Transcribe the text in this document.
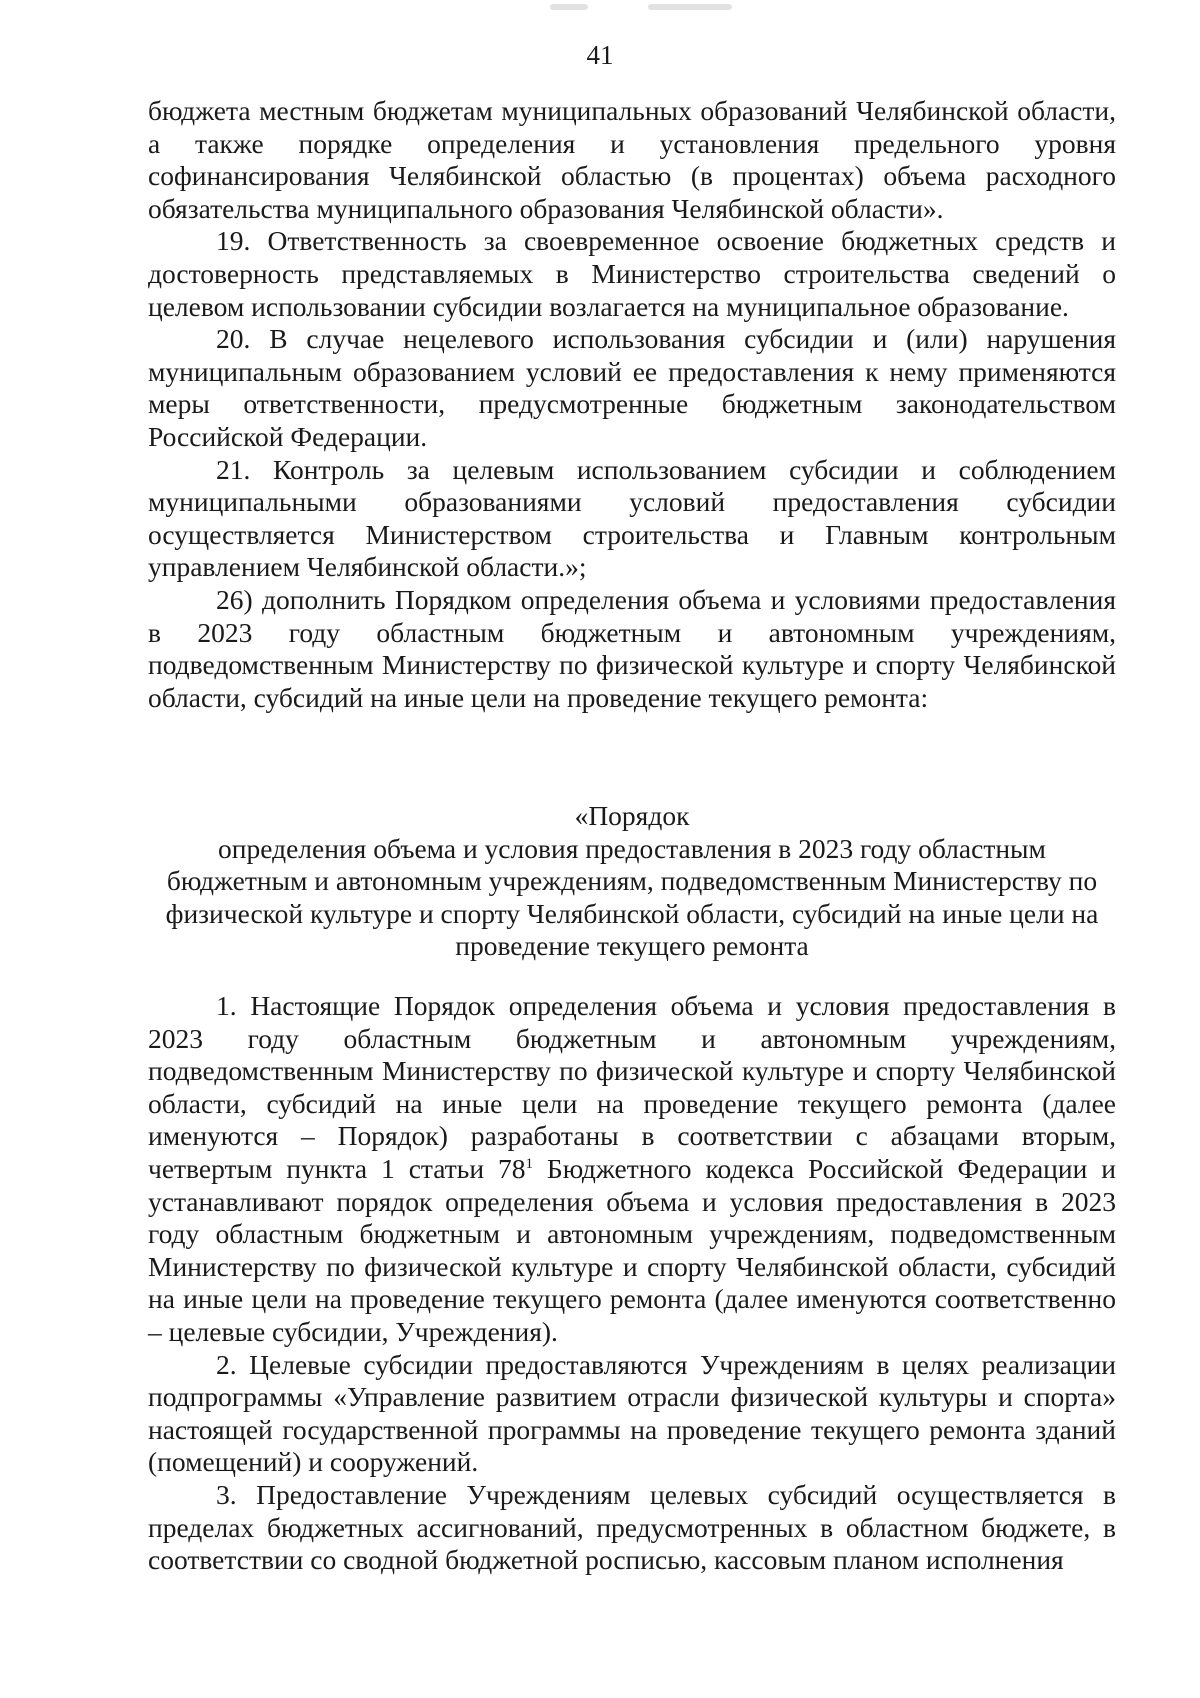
41

бюджета местным бюджетам муниципальных образований Челябинской области, а также порядке определения и установления предельного уровня софинансирования Челябинской областью (в процентах) объема расходного обязательства муниципального образования Челябинской области».

19. Ответственность за своевременное освоение бюджетных средств и достоверность представляемых в Министерство строительства сведений о целевом использовании субсидии возлагается на муниципальное образование.

20. В случае нецелевого использования субсидии и (или) нарушения муниципальным образованием условий ее предоставления к нему применяются меры ответственности, предусмотренные бюджетным законодательством Российской Федерации.

21. Контроль за целевым использованием субсидии и соблюдением муниципальными образованиями условий предоставления субсидии осуществляется Министерством строительства и Главным контрольным управлением Челябинской области.»;

26) дополнить Порядком определения объема и условиями предоставления в 2023 году областным бюджетным и автономным учреждениям, подведомственным Министерству по физической культуре и спорту Челябинской области, субсидий на иные цели на проведение текущего ремонта:

«Порядок
определения объема и условия предоставления в 2023 году областным
бюджетным и автономным учреждениям, подведомственным Министерству по
физической культуре и спорту Челябинской области, субсидий на иные цели на
проведение текущего ремонта

1. Настоящие Порядок определения объема и условия предоставления в 2023 году областным бюджетным и автономным учреждениям, подведомственным Министерству по физической культуре и спорту Челябинской области, субсидий на иные цели на проведение текущего ремонта (далее именуются – Порядок) разработаны в соответствии с абзацами вторым, четвертым пункта 1 статьи $78^1$ Бюджетного кодекса Российской Федерации и устанавливают порядок определения объема и условия предоставления в 2023 году областным бюджетным и автономным учреждениям, подведомственным Министерству по физической культуре и спорту Челябинской области, субсидий на иные цели на проведение текущего ремонта (далее именуются соответственно – целевые субсидии, Учреждения).

2. Целевые субсидии предоставляются Учреждениям в целях реализации подпрограммы «Управление развитием отрасли физической культуры и спорта» настоящей государственной программы на проведение текущего ремонта зданий (помещений) и сооружений.

3. Предоставление Учреждениям целевых субсидий осуществляется в пределах бюджетных ассигнований, предусмотренных в областном бюджете, в соответствии со сводной бюджетной росписью, кассовым планом исполнения
